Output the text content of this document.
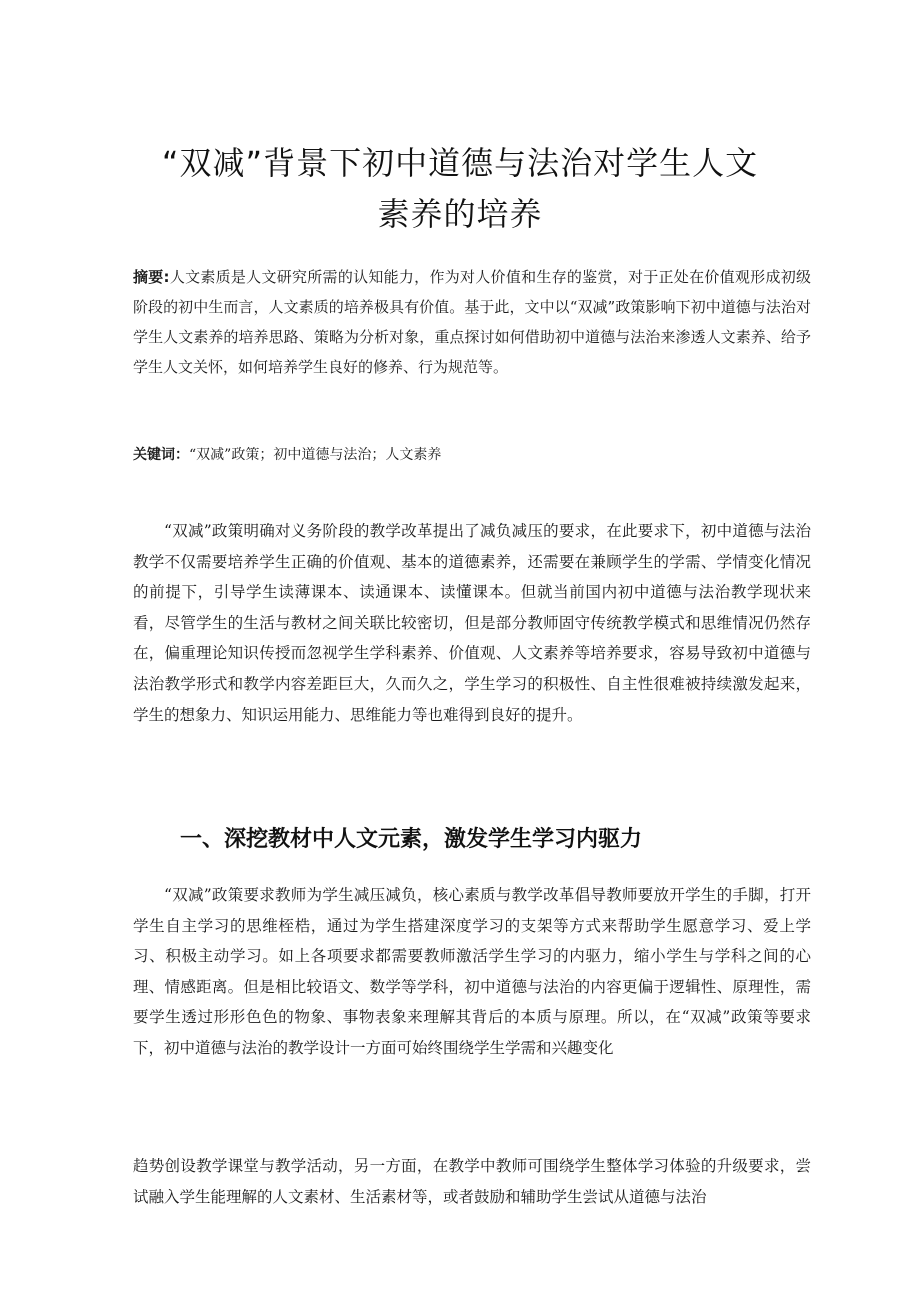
“双减”背景下初中道德与法治对学生人文
素养的培养

摘要:人文素质是人文研究所需的认知能力，作为对人价值和生存的鉴赏，对于正处在价值观形成初级阶段的初中生而言，人文素质的培养极具有价值。基于此，文中以“双减”政策影响下初中道德与法治对学生人文素养的培养思路、策略为分析对象，重点探讨如何借助初中道德与法治来渗透人文素养、给予学生人文关怀，如何培养学生良好的修养、行为规范等。

关键词：“双减”政策；初中道德与法治；人文素养

“双减”政策明确对义务阶段的教学改革提出了减负减压的要求，在此要求下，初中道德与法治教学不仅需要培养学生正确的价值观、基本的道德素养，还需要在兼顾学生的学需、学情变化情况的前提下，引导学生读薄课本、读通课本、读懂课本。但就当前国内初中道德与法治教学现状来看，尽管学生的生活与教材之间关联比较密切，但是部分教师固守传统教学模式和思维情况仍然存在，偏重理论知识传授而忽视学生学科素养、价值观、人文素养等培养要求，容易导致初中道德与法治教学形式和教学内容差距巨大，久而久之，学生学习的积极性、自主性很难被持续激发起来，学生的想象力、知识运用能力、思维能力等也难得到良好的提升。

一、深挖教材中人文元素，激发学生学习内驱力

“双减”政策要求教师为学生减压减负，核心素质与教学改革倡导教师要放开学生的手脚，打开学生自主学习的思维桎梏，通过为学生搭建深度学习的支架等方式来帮助学生愿意学习、爱上学习、积极主动学习。如上各项要求都需要教师激活学生学习的内驱力，缩小学生与学科之间的心理、情感距离。但是相比较语文、数学等学科，初中道德与法治的内容更偏于逻辑性、原理性，需要学生透过形形色色的物象、事物表象来理解其背后的本质与原理。所以，在“双减”政策等要求下，初中道德与法治的教学设计一方面可始终围绕学生学需和兴趣变化

趋势创设教学课堂与教学活动，另一方面，在教学中教师可围绕学生整体学习体验的升级要求，尝试融入学生能理解的人文素材、生活素材等，或者鼓励和辅助学生尝试从道德与法治
